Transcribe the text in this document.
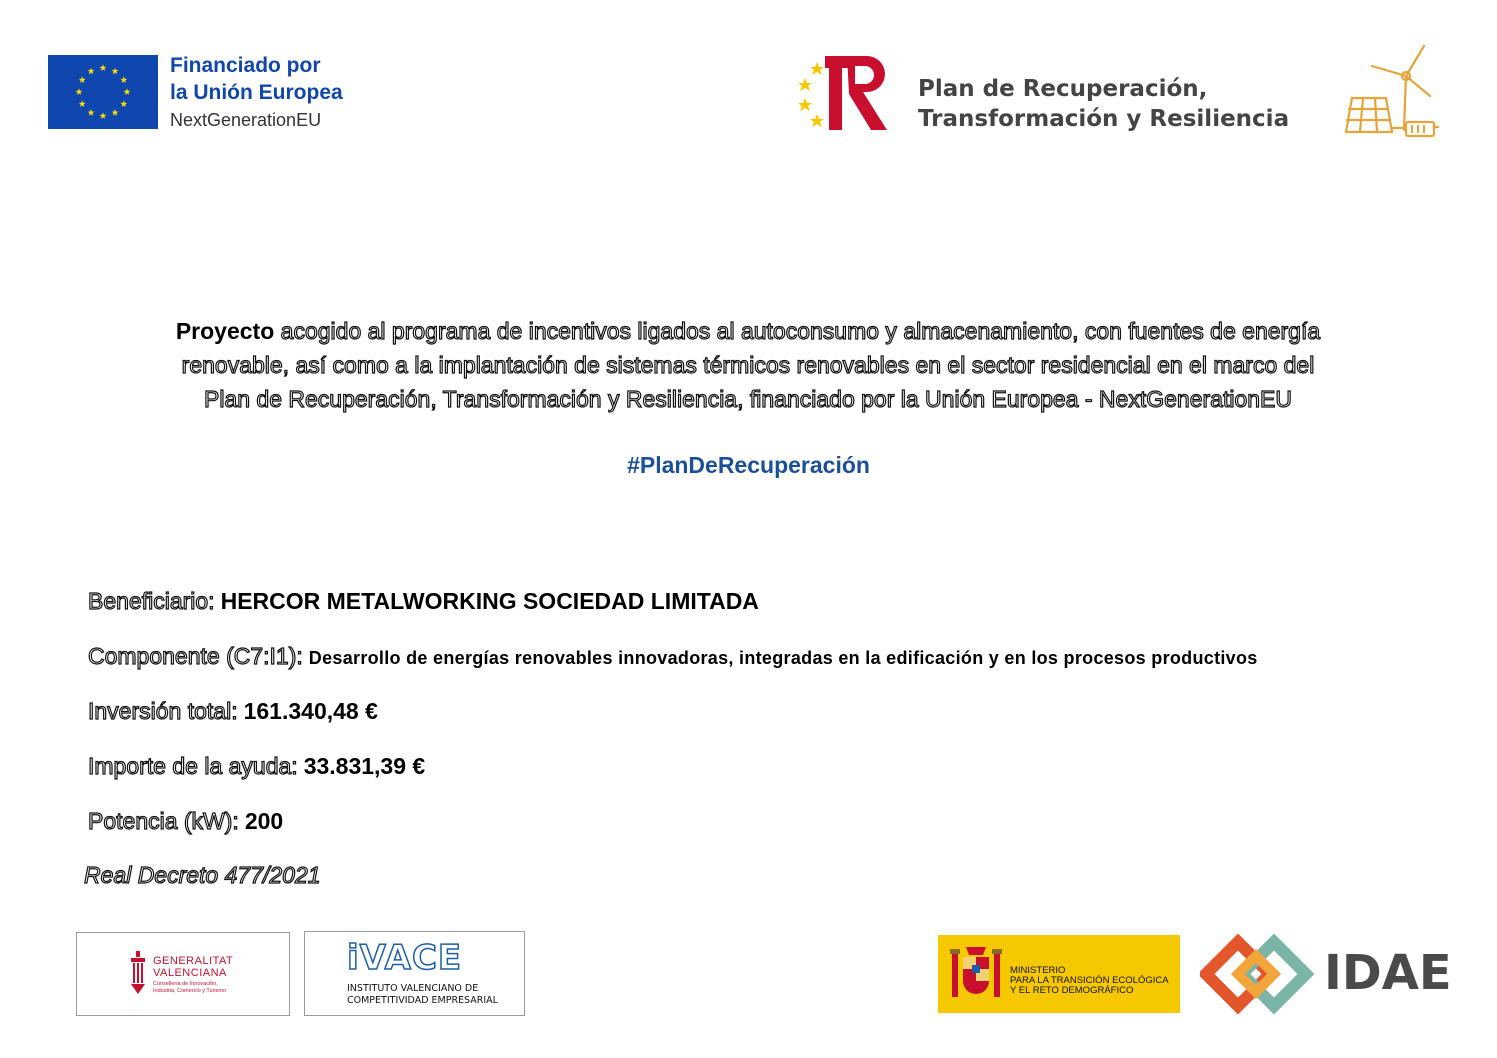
Financiado por
la Unión Europea
NextGenerationEU
Plan de Recuperación,
Transformación y Resiliencia
Proyecto acogido al programa de incentivos ligados al autoconsumo y almacenamiento, con fuentes de energía
renovable, así como a la implantación de sistemas térmicos renovables en el sector residencial en el marco del
Plan de Recuperación, Transformación y Resiliencia, financiado por la Unión Europea - NextGenerationEU
#PlanDeRecuperación
Beneficiario: HERCOR METALWORKING SOCIEDAD LIMITADA
Componente (C7:I1): Desarrollo de energías renovables innovadoras, integradas en la edificación y en los procesos productivos
Inversión total: 161.340,48 €
Importe de la ayuda: 33.831,39 €
Potencia (kW): 200
Real Decreto 477/2021
GENERALITAT
VALENCIANA
Conselleria de Innovación,
Industria, Comercio y Turismo
iVACE
INSTITUTO VALENCIANO DE
COMPETITIVIDAD EMPRESARIAL
MINISTERIO
PARA LA TRANSICIÓN ECOLÓGICA
Y EL RETO DEMOGRÁFICO	IDAE
